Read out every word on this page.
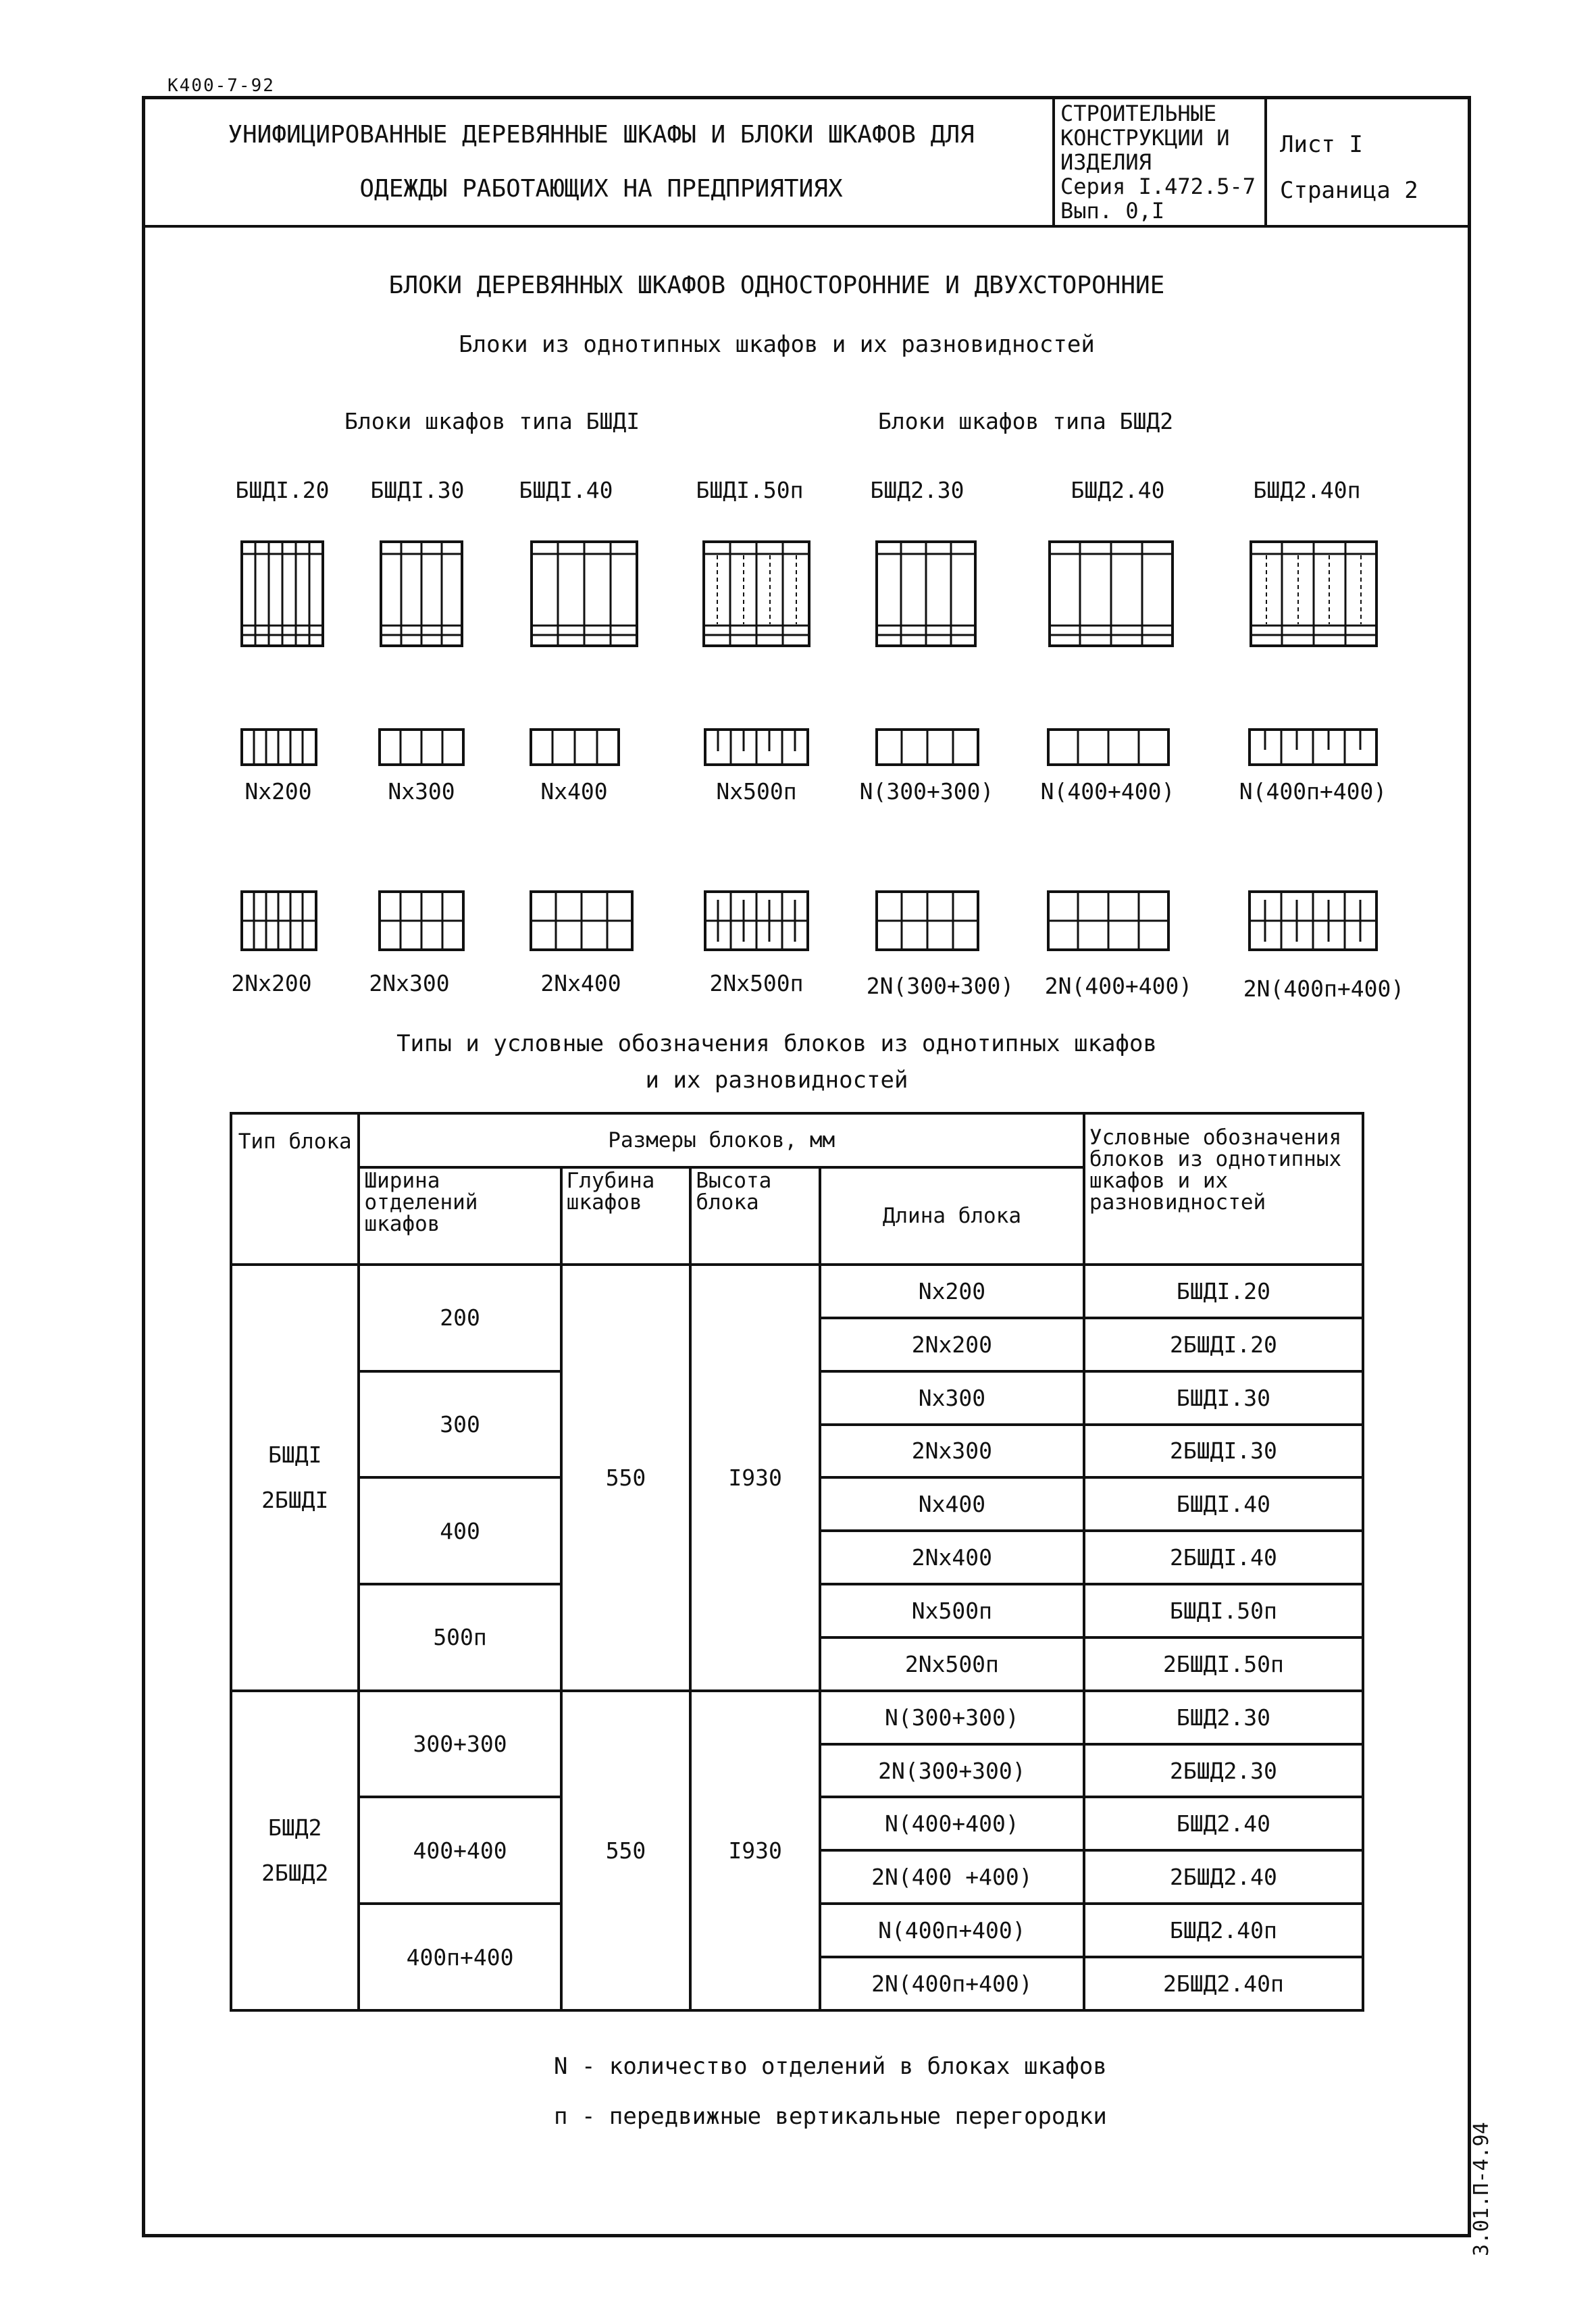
К400-7-92
УНИФИЦИРОВАННЫЕ ДЕРЕВЯННЫЕ ШКАФЫ И БЛОКИ ШКАФОВ ДЛЯ
ОДЕЖДЫ РАБОТАЮЩИХ НА ПРЕДПРИЯТИЯХ
СТРОИТЕЛЬНЫЕ
КОНСТРУКЦИИ И
ИЗДЕЛИЯ
Серия I.472.5-7
Вып. 0,I
Лист I
Страница 2
БЛОКИ ДЕРЕВЯННЫХ ШКАФОВ ОДНОСТОРОННИЕ И ДВУХСТОРОННИЕ
Блоки из однотипных шкафов и их разновидностей
Блоки шкафов типа БШДI	Блоки шкафов типа БШД2
БШДI.20 БШДI.30 БШДI.40	БШДI.50п	БШД2.30	БШД2.40	БШД2.40п
Nx200	Nx300	Nx400	Nx500п	N(300+300) N(400+400)	N(400п+400)
2Nx200	2Nx300	2Nx400	2Nx500п	2N(300+300) 2N(400+400) 2N(400п+400)
Типы и условные обозначения блоков из однотипных шкафов
и их разновидностей
Тип блока	Размеры блоков, мм				Условные обозначения блоков из однотипных шкафов и их разновидностей
	Ширина отделений шкафов	Глубина шкафов	Высота блока	Длина блока	

БШДI
2БШДI	200	550	I930	Nx200	БШДI.20
				2Nx200	2БШДI.20
	300			Nx300	БШДI.30
				2Nx300	2БШДI.30
	400			Nx400	БШДI.40
				2Nx400	2БШДI.40
	500п			Nx500п	БШДI.50п
				2Nx500п	2БШДI.50п

БШД2
2БШД2	300+300	550	I930	N(300+300)	БШД2.30
				2N(300+300)	2БШД2.30
	400+400			N(400+400)	БШД2.40
				2N(400 +400)	2БШД2.40
	400п+400			N(400п+400)	БШД2.40п
				2N(400п+400)	2БШД2.40п
N - количество отделений в блоках шкафов
п - передвижные вертикальные перегородки
3.01.П-4.94
